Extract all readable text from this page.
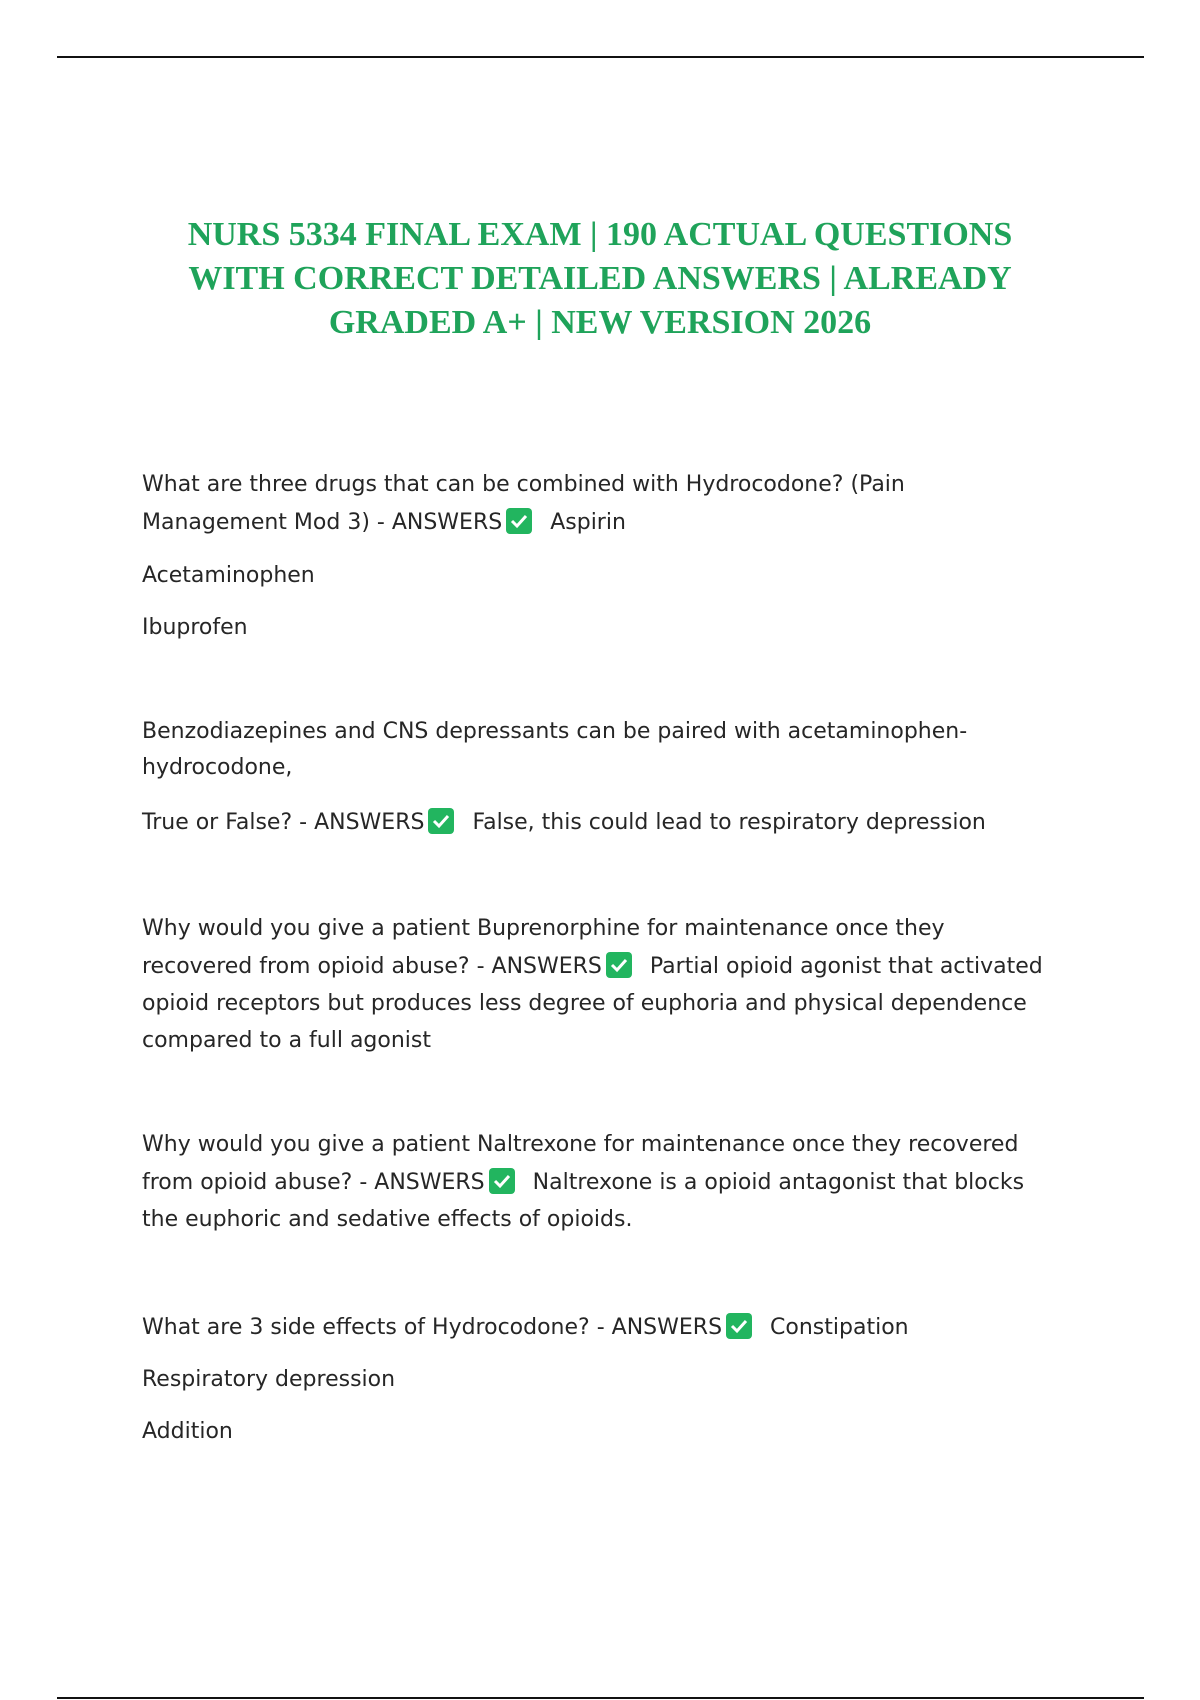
NURS 5334 FINAL EXAM | 190 ACTUAL QUESTIONS
WITH CORRECT DETAILED ANSWERS | ALREADY
GRADED A+ | NEW VERSION 2026
What are three drugs that can be combined with Hydrocodone? (Pain
Management Mod 3) - ANSWERS Aspirin
Acetaminophen
Ibuprofen
Benzodiazepines and CNS depressants can be paired with acetaminophen-
hydrocodone,
True or False? - ANSWERS False, this could lead to respiratory depression
Why would you give a patient Buprenorphine for maintenance once they
recovered from opioid abuse? - ANSWERS Partial opioid agonist that activated
opioid receptors but produces less degree of euphoria and physical dependence
compared to a full agonist
Why would you give a patient Naltrexone for maintenance once they recovered
from opioid abuse? - ANSWERS Naltrexone is a opioid antagonist that blocks
the euphoric and sedative effects of opioids.
What are 3 side effects of Hydrocodone? - ANSWERS Constipation
Respiratory depression
Addition
